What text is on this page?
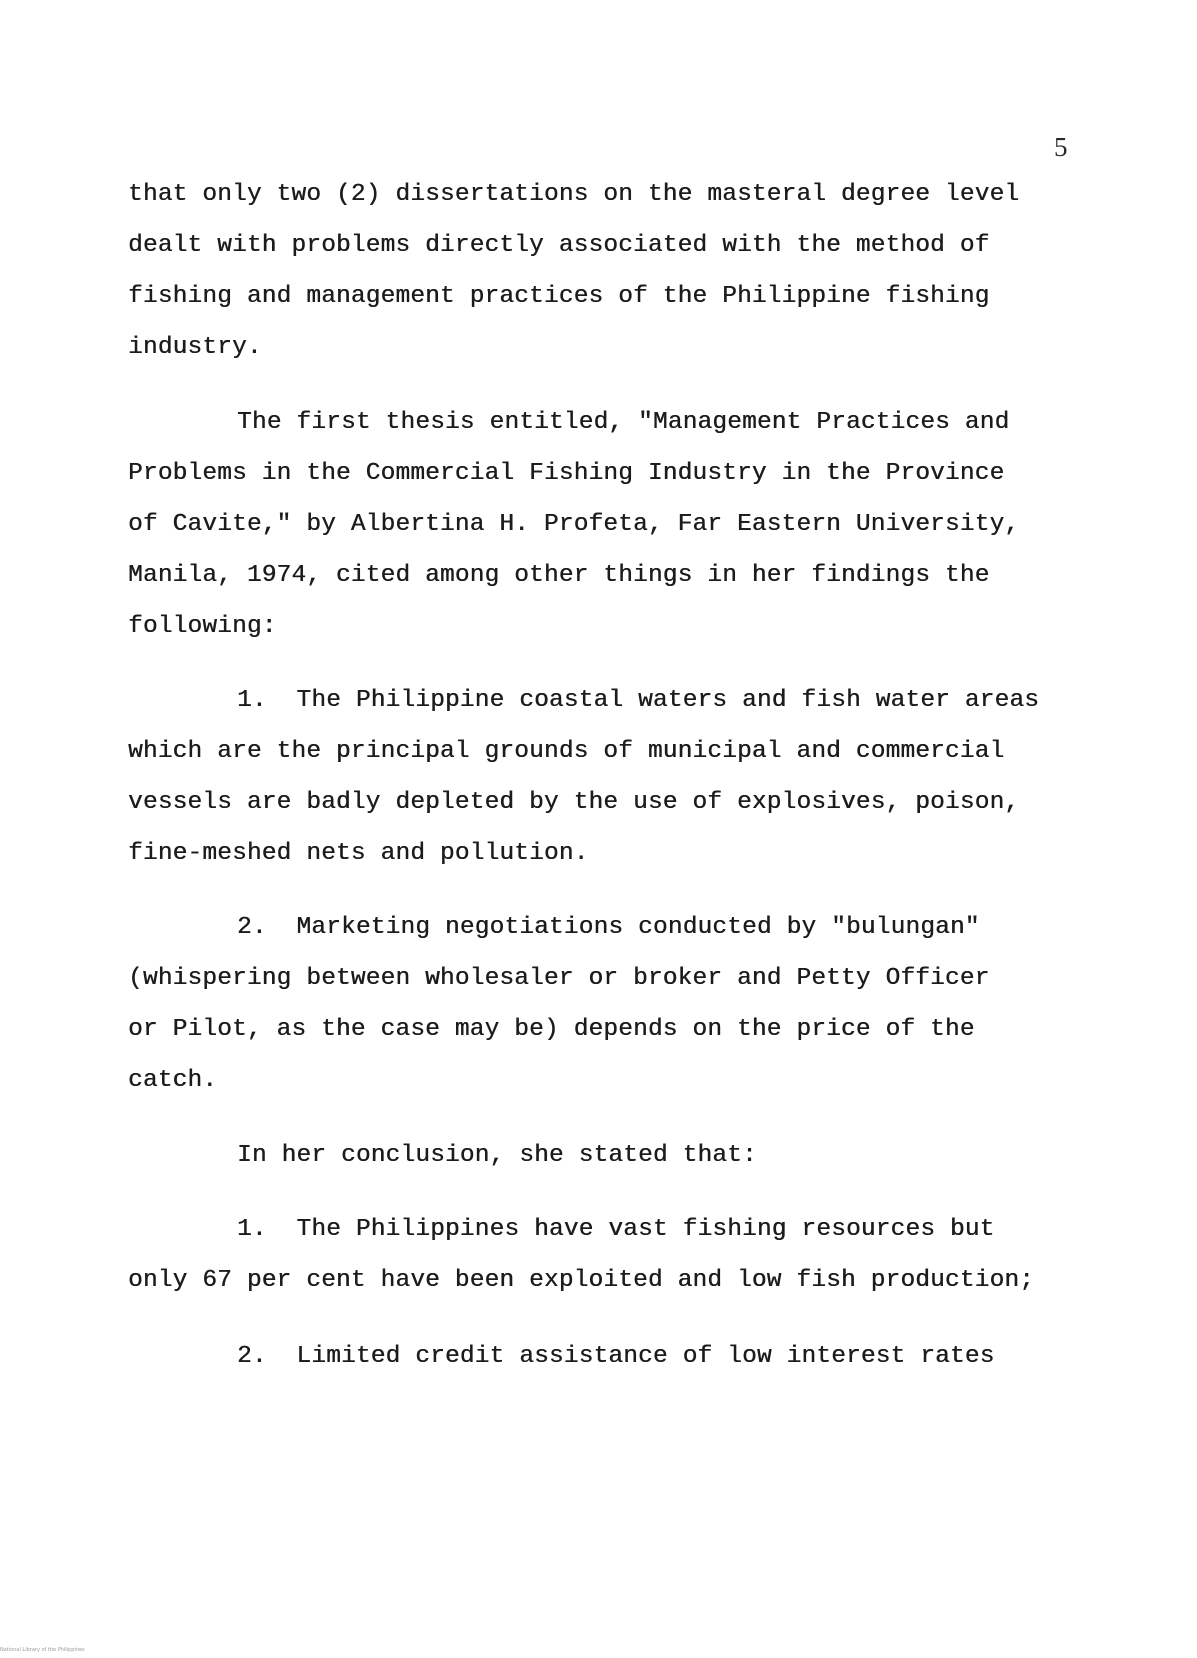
5
that only two (2) dissertations on the masteral degree level
dealt with problems directly associated with the method of
fishing and management practices of the Philippine fishing
industry.
The first thesis entitled, "Management Practices and
Problems in the Commercial Fishing Industry in the Province
of Cavite," by Albertina H. Profeta, Far Eastern University,
Manila, 1974, cited among other things in her findings the
following:
1.  The Philippine coastal waters and fish water areas
which are the principal grounds of municipal and commercial
vessels are badly depleted by the use of explosives, poison,
fine-meshed nets and pollution.
2.  Marketing negotiations conducted by "bulungan"
(whispering between wholesaler or broker and Petty Officer
or Pilot, as the case may be) depends on the price of the
catch.
In her conclusion, she stated that:
1.  The Philippines have vast fishing resources but
only 67 per cent have been exploited and low fish production;
2.  Limited credit assistance of low interest rates
National Library of the Philippines
